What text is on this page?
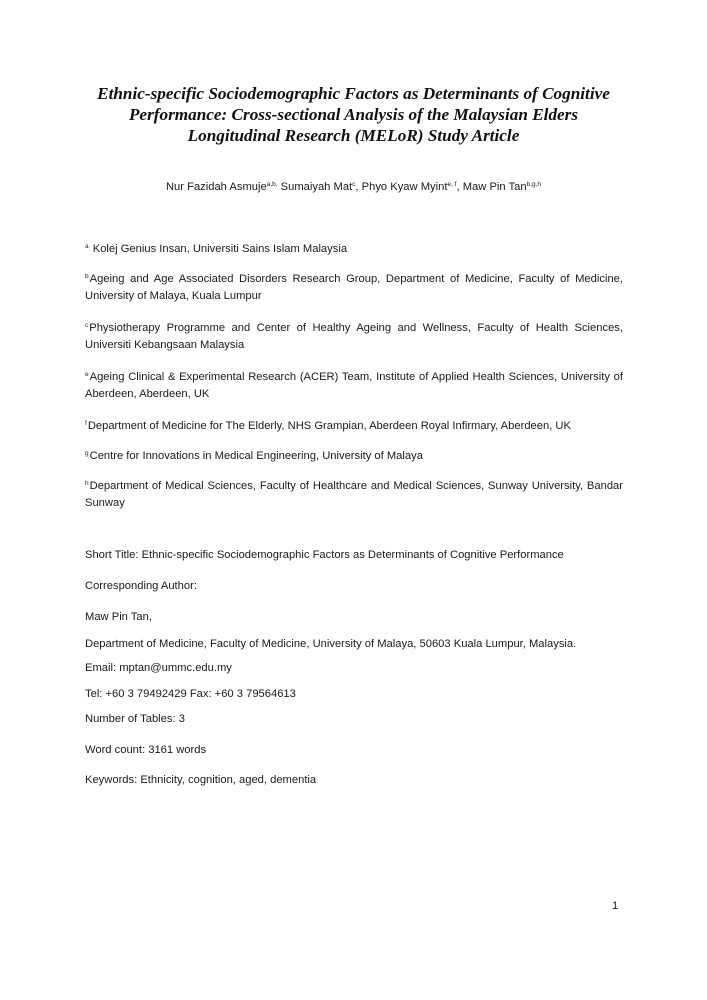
Ethnic-specific Sociodemographic Factors as Determinants of Cognitive
Performance: Cross-sectional Analysis of the Malaysian Elders
Longitudinal Research (MELoR) Study Article
Nur Fazidah Asmuje$^{a,b,}$ Sumaiyah Mat$^c$, Phyo Kyaw Myint$^{e, f}$, Maw Pin Tan$^{b,g,h}$
$^a$ Kolej Genius Insan, Universiti Sains Islam Malaysia
$^b$Ageing and Age Associated Disorders Research Group, Department of Medicine, Faculty of Medicine, University of Malaya, Kuala Lumpur
$^c$Physiotherapy Programme and Center of Healthy Ageing and Wellness, Faculty of Health Sciences, Universiti Kebangsaan Malaysia
$^e$Ageing Clinical & Experimental Research (ACER) Team, Institute of Applied Health Sciences, University of Aberdeen, Aberdeen, UK
$^f$Department of Medicine for The Elderly, NHS Grampian, Aberdeen Royal Infirmary, Aberdeen, UK
$^g$Centre for Innovations in Medical Engineering, University of Malaya
$^h$Department of Medical Sciences, Faculty of Healthcare and Medical Sciences, Sunway University, Bandar Sunway
Short Title: Ethnic-specific Sociodemographic Factors as Determinants of Cognitive Performance
Corresponding Author:
Maw Pin Tan,
Department of Medicine, Faculty of Medicine, University of Malaya, 50603 Kuala Lumpur, Malaysia.
Email: mptan@ummc.edu.my
Tel: +60 3 79492429 Fax: +60 3 79564613
Number of Tables: 3
Word count: 3161 words
Keywords: Ethnicity, cognition, aged, dementia
1
